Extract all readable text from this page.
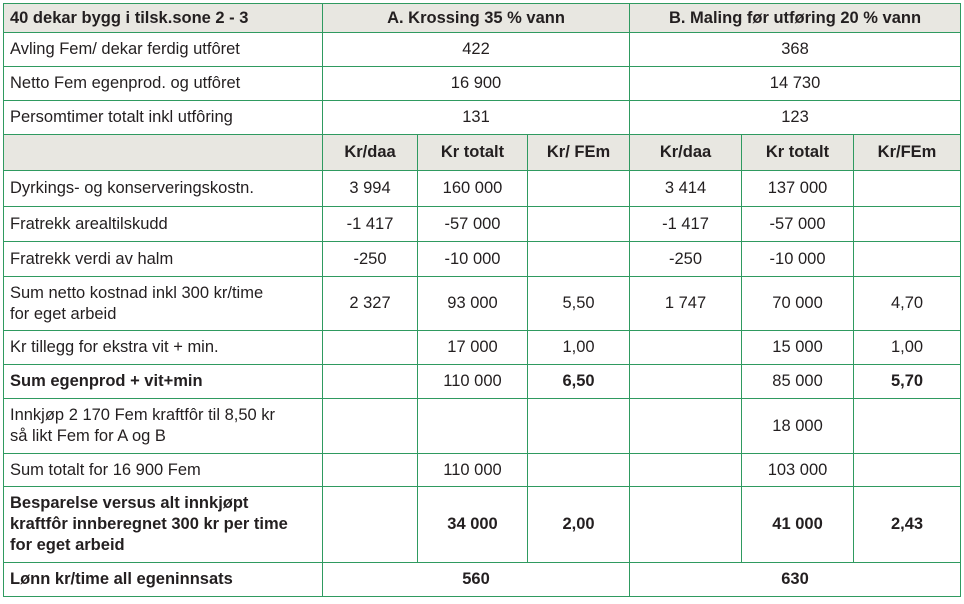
40 dekar bygg i tilsk.sone 2 - 3	A. Krossing 35 % vann			B. Maling før utføring 20 % vann		
Avling Fem/ dekar ferdig utfôret	422			368		
Netto Fem egenprod. og utfôret	16 900			14 730		
Persomtimer totalt inkl utfôring	131			123		
	Kr/daa	Kr totalt	Kr/ FEm	Kr/daa	Kr totalt	Kr/FEm
Dyrkings- og konserveringskostn.	3 994	160 000		3 414	137 000	
Fratrekk arealtilskudd	-1 417	-57 000		-1 417	-57 000	
Fratrekk verdi av halm	-250	-10 000		-250	-10 000	

Sum netto kostnad inkl 300 kr/time
for eget arbeid	2 327	93 000	5,50	1 747	70 000	4,70
Kr tillegg for ekstra vit + min.		17 000	1,00		15 000	1,00
Sum egenprod + vit+min		110 000	6,50		85 000	5,70

Innkjøp 2 170 Fem kraftfôr til 8,50 kr
så likt Fem for A og B					18 000	
Sum totalt for 16 900 Fem		110 000			103 000	

Besparelse versus alt innkjøpt
kraftfôr innberegnet 300 kr per time
for eget arbeid		34 000	2,00		41 000	2,43
Lønn kr/time all egeninnsats	560			630		
